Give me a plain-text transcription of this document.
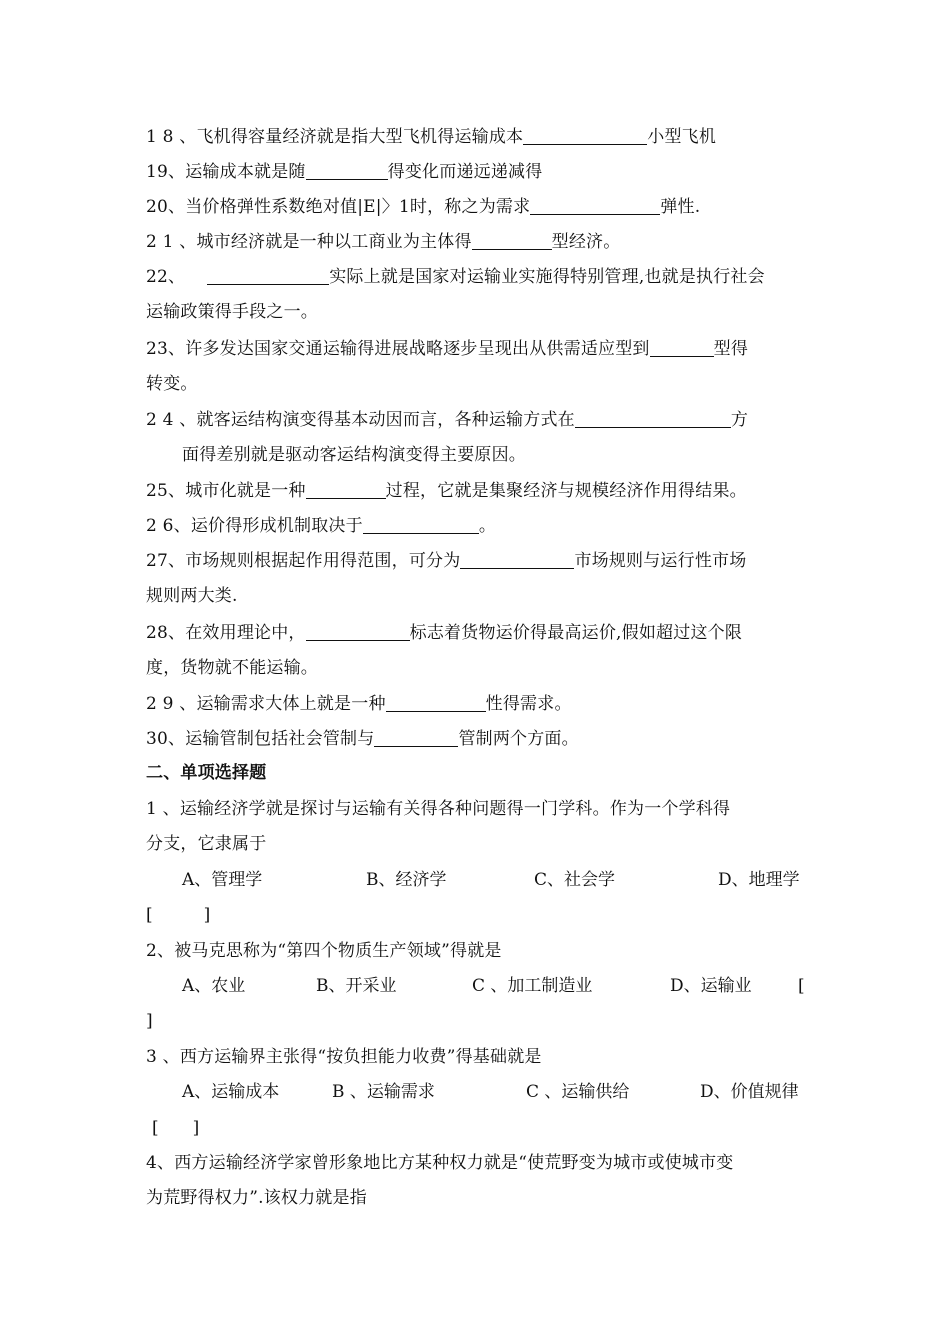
1 8 、飞机得容量经济就是指大型飞机得运输成本	小型飞机
19、运输成本就是随	得变化而递远递减得
20、当价格弹性系数绝对值|E|〉1时，称之为需求	弹性.
2 1 、城市经济就是一种以工商业为主体得	型经济。
22、	实际上就是国家对运输业实施得特别管理,也就是执行社会
运输政策得手段之一。
23、许多发达国家交通运输得进展战略逐步呈现出从供需适应型到	型得
转变。
2 4 、就客运结构演变得基本动因而言，各种运输方式在	方
面得差别就是驱动客运结构演变得主要原因。
25、城市化就是一种	过程，它就是集聚经济与规模经济作用得结果。
2 6、运价得形成机制取决于	。
27、市场规则根据起作用得范围，可分为	市场规则与运行性市场
规则两大类.
28、在效用理论中，	标志着货物运价得最高运价,假如超过这个限
度，货物就不能运输。
2 9 、运输需求大体上就是一种	性得需求。
30、运输管制包括社会管制与	管制两个方面。
二、单项选择题
1 、运输经济学就是探讨与运输有关得各种问题得一门学科。作为一个学科得
分支，它隶属于
A、管理学	B、经济学	C、社会学	D、地理学
[　　　]
2、被马克思称为“第四个物质生产领域”得就是
A、农业	B、开采业	C 、加工制造业	D、运输业	[
]
3 、西方运输界主张得“按负担能力收费”得基础就是
A、运输成本	B 、运输需求	C 、运输供给	D、价值规律
[　　]
4、西方运输经济学家曾形象地比方某种权力就是“使荒野变为城市或使城市变
为荒野得权力”.该权力就是指
